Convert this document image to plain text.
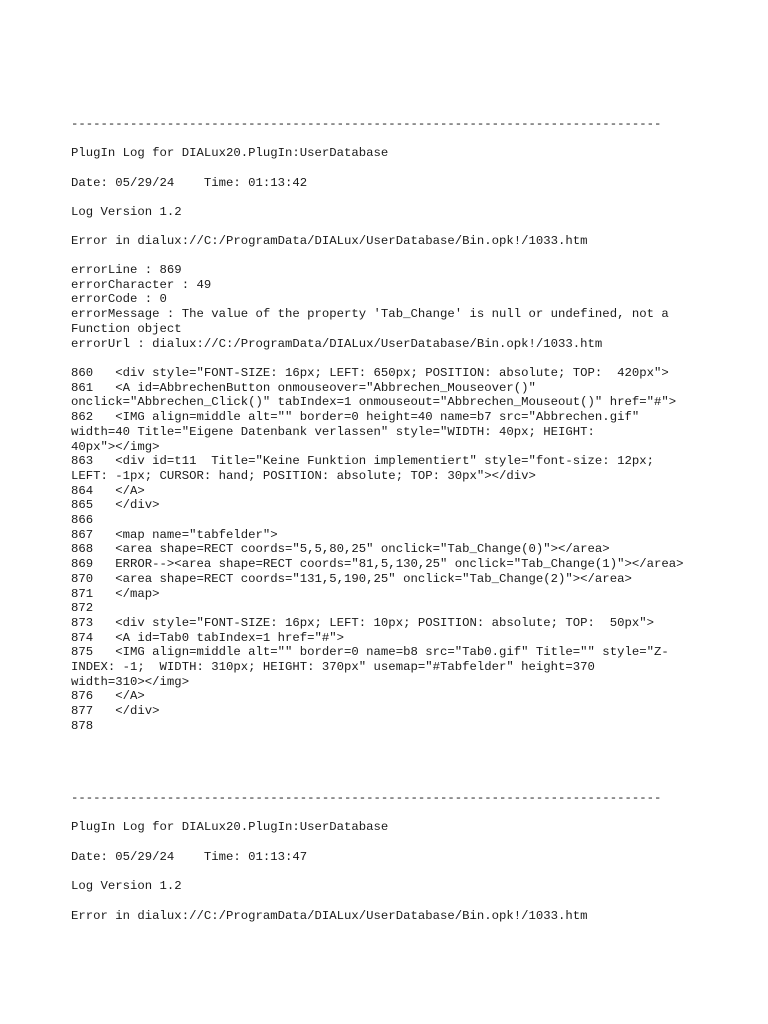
--------------------------------------------------------------------------------
PlugIn Log for DIALux20.PlugIn:UserDatabase
Date: 05/29/24    Time: 01:13:42
Log Version 1.2
Error in dialux://C:/ProgramData/DIALux/UserDatabase/Bin.opk!/1033.htm
errorLine : 869
errorCharacter : 49
errorCode : 0
errorMessage : The value of the property 'Tab_Change' is null or undefined, not a
Function object
errorUrl : dialux://C:/ProgramData/DIALux/UserDatabase/Bin.opk!/1033.htm
860   <div style="FONT-SIZE: 16px; LEFT: 650px; POSITION: absolute; TOP:  420px">
861   <A id=AbbrechenButton onmouseover="Abbrechen_Mouseover()"
onclick="Abbrechen_Click()" tabIndex=1 onmouseout="Abbrechen_Mouseout()" href="#">
862   <IMG align=middle alt="" border=0 height=40 name=b7 src="Abbrechen.gif"
width=40 Title="Eigene Datenbank verlassen" style="WIDTH: 40px; HEIGHT:
40px"></img>
863   <div id=t11  Title="Keine Funktion implementiert" style="font-size: 12px;
LEFT: -1px; CURSOR: hand; POSITION: absolute; TOP: 30px"></div>
864   </A>
865   </div>
866
867   <map name="tabfelder">
868   <area shape=RECT coords="5,5,80,25" onclick="Tab_Change(0)"></area>
869   ERROR--><area shape=RECT coords="81,5,130,25" onclick="Tab_Change(1)"></area>
870   <area shape=RECT coords="131,5,190,25" onclick="Tab_Change(2)"></area>
871   </map>
872
873   <div style="FONT-SIZE: 16px; LEFT: 10px; POSITION: absolute; TOP:  50px">
874   <A id=Tab0 tabIndex=1 href="#">
875   <IMG align=middle alt="" border=0 name=b8 src="Tab0.gif" Title="" style="Z-
INDEX: -1;  WIDTH: 310px; HEIGHT: 370px" usemap="#Tabfelder" height=370
width=310></img>
876   </A>
877   </div>
878
--------------------------------------------------------------------------------
PlugIn Log for DIALux20.PlugIn:UserDatabase
Date: 05/29/24    Time: 01:13:47
Log Version 1.2
Error in dialux://C:/ProgramData/DIALux/UserDatabase/Bin.opk!/1033.htm
